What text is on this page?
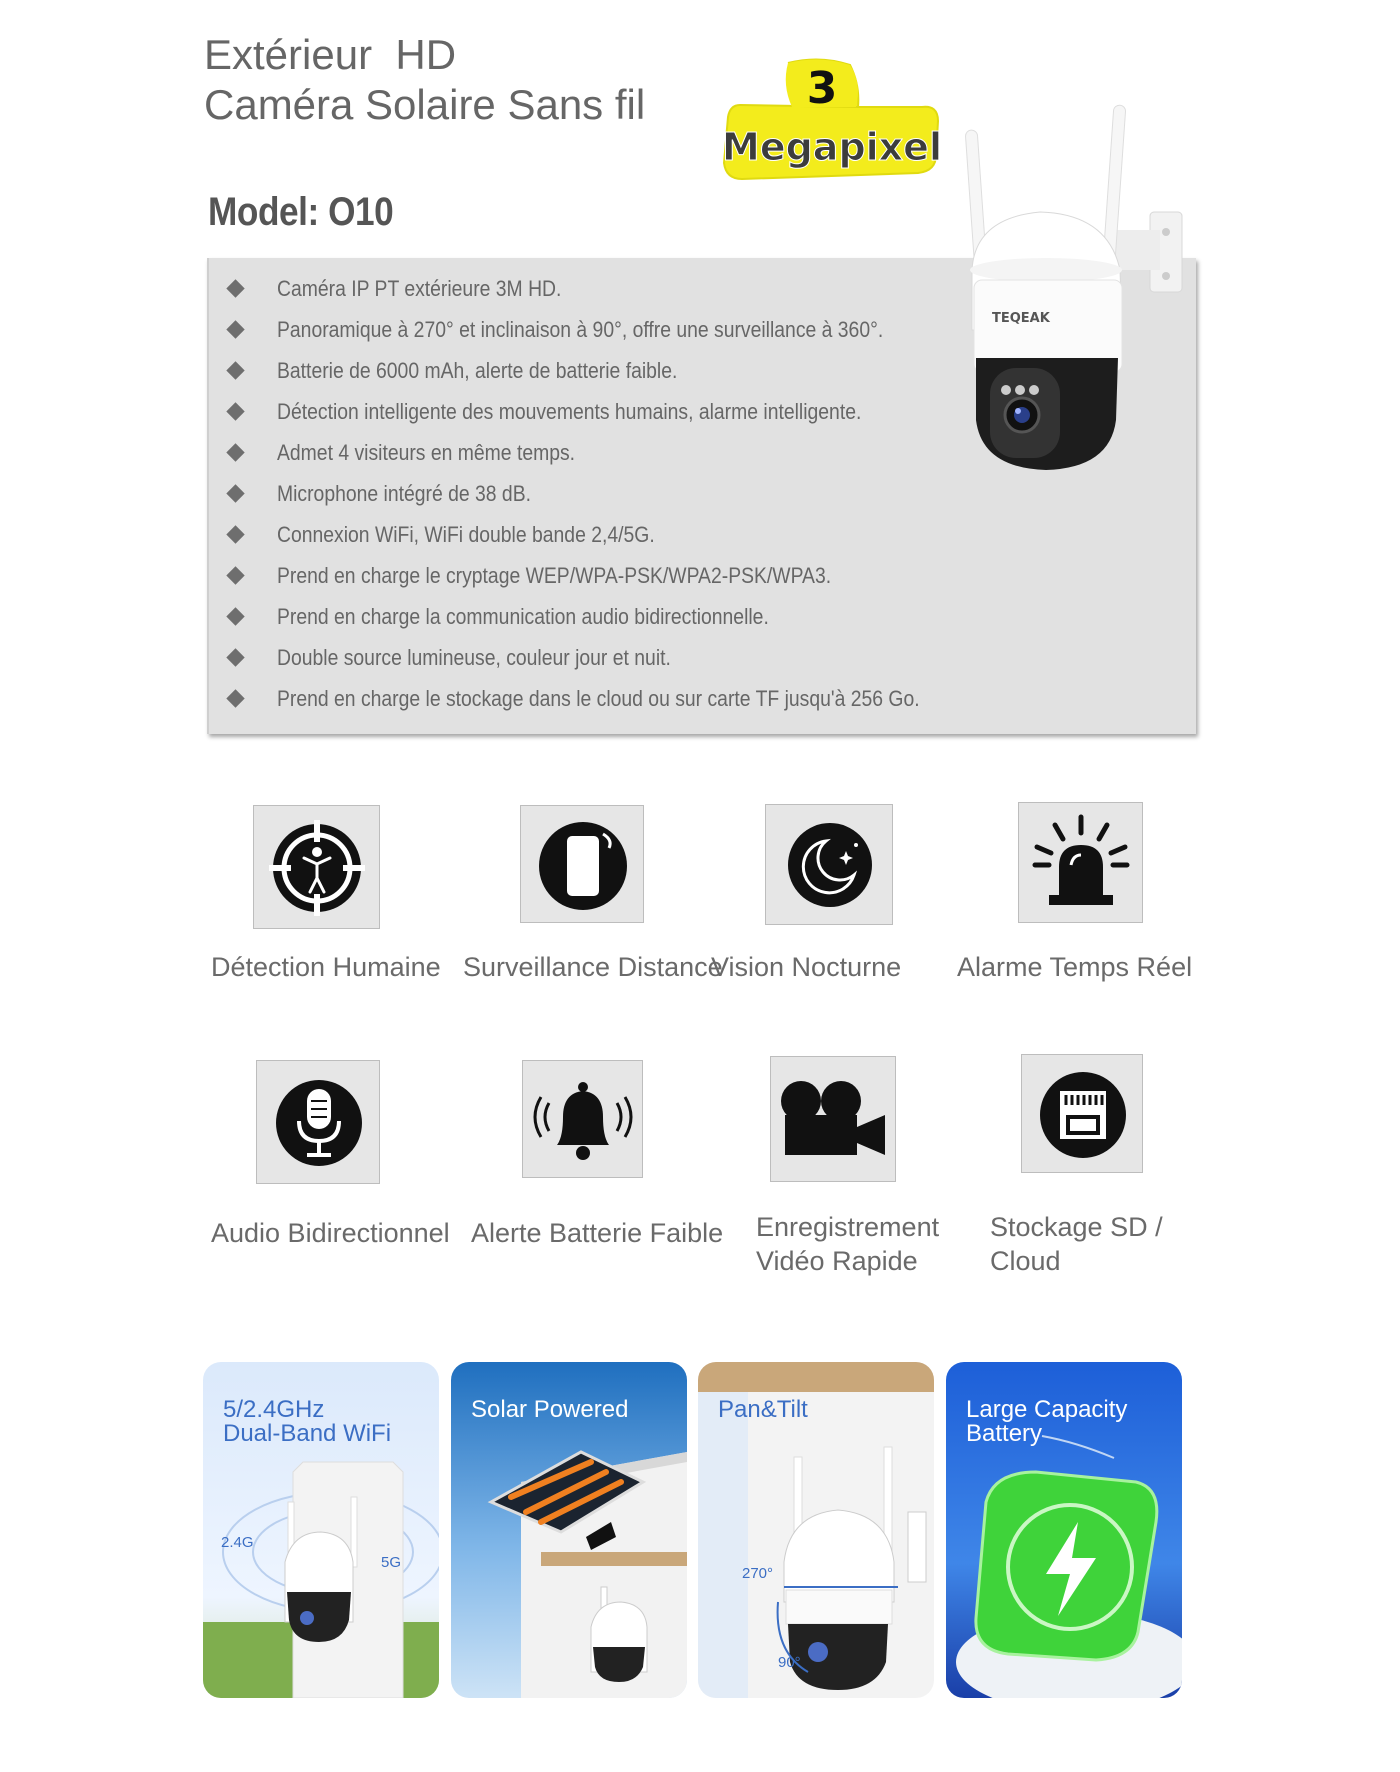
Extérieur  HD
Caméra Solaire Sans fil
Model: O10
3
Megapixel
Caméra IP PT extérieure 3M HD.
Panoramique à 270° et inclinaison à 90°, offre une surveillance à 360°.
Batterie de 6000 mAh, alerte de batterie faible.
Détection intelligente des mouvements humains, alarme intelligente.
Admet 4 visiteurs en même temps.
Microphone intégré de 38 dB.
Connexion WiFi, WiFi double bande 2,4/5G.
Prend en charge le cryptage WEP/WPA-PSK/WPA2-PSK/WPA3.
Prend en charge la communication audio bidirectionnelle.
Double source lumineuse, couleur jour et nuit.
Prend en charge le stockage dans le cloud ou sur carte TF jusqu'à 256 Go.
TEQEAK
Détection Humaine Surveillance Distance
Vision Nocturne Alarme Temps Réel
Audio Bidirectionnel Alerte Batterie Faible Enregistrement Vidéo Rapide
Stockage SD / Cloud
5/2.4GHz
Dual-Band WiFi
2.4G
5G
Solar Powered	Pan&Tilt
270°
90°
Large Capacity
Battery
